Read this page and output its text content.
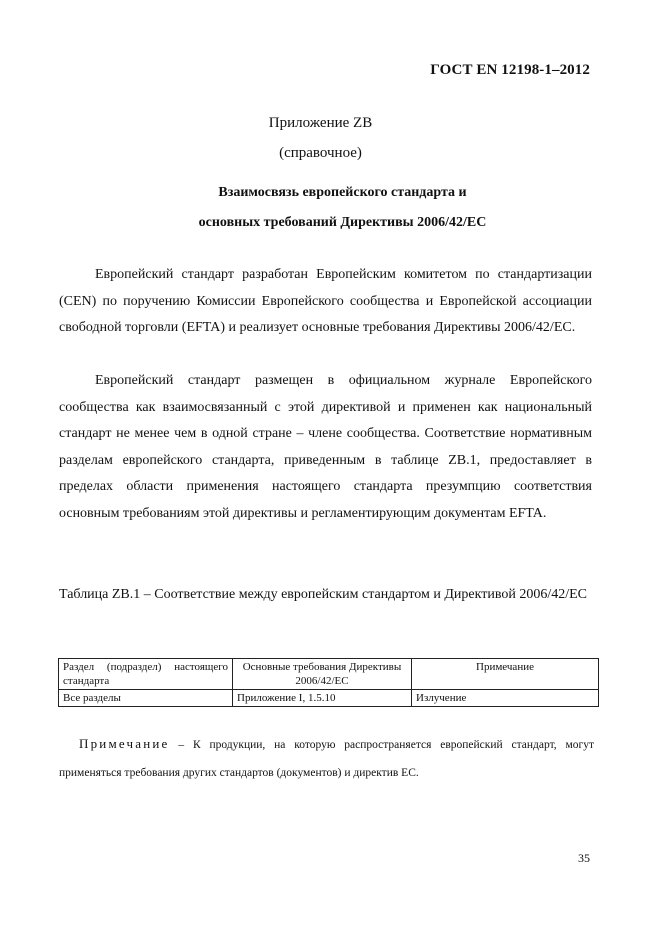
ГОСТ EN 12198-1–2012
Приложение ZB
(справочное)
Взаимосвязь европейского стандарта и
основных требований Директивы 2006/42/ЕС
Европейский стандарт разработан Европейским комитетом по стандартизации (CEN) по поручению Комиссии Европейского сообщества и Европейской ассоциации свободной торговли (EFTA) и реализует основные требования Директивы 2006/42/ЕС.
Европейский стандарт размещен в официальном журнале Европейского сообщества как взаимосвязанный с этой директивой и применен как национальный стандарт не менее чем в одной стране – члене сообщества. Соответствие нормативным разделам европейского стандарта, приведенным в таблице ZB.1, предоставляет в пределах области применения настоящего стандарта презумпцию соответствия основным требованиям этой директивы и регламентирующим документам EFTA.
Таблица ZB.1 – Соответствие между европейским стандартом и Директивой 2006/42/ЕС
Раздел (подраздел) настоящего стандарта	Основные требования Директивы 2006/42/ЕС	Примечание
Все разделы	Приложение I, 1.5.10	Излучение
Примечание – К продукции, на которую распространяется европейский стандарт, могут применяться требования других стандартов (документов) и директив ЕС.
35
